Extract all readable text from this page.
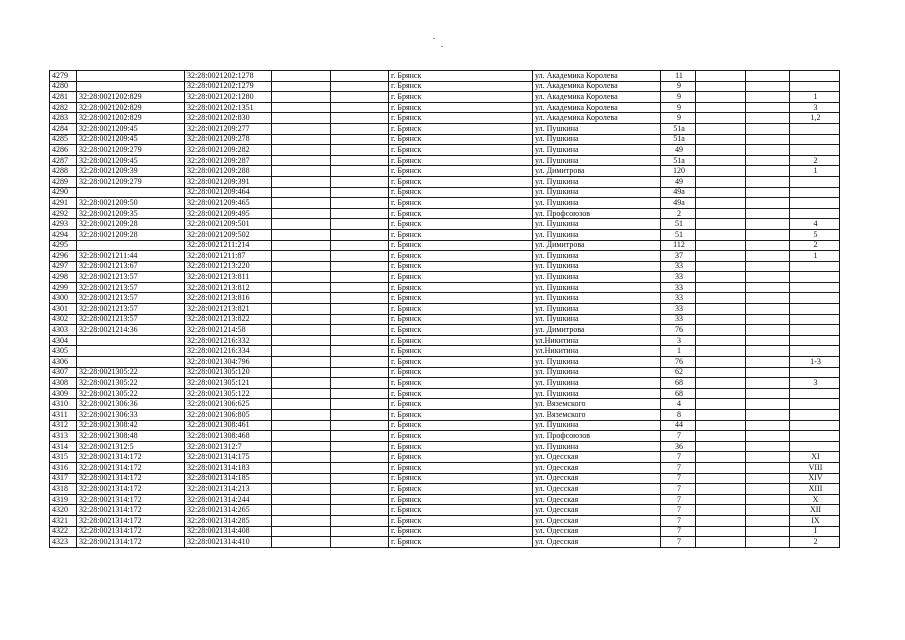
4279		32:28:0021202:1278			г. Брянск	ул. Академика Королева	11			
4280		32:28:0021202:1279			г. Брянск	ул. Академика Королева	9			
4281	32:28:0021202:829	32:28:0021202:1280			г. Брянск	ул. Академика Королева	9			1
4282	32:28:0021202:829	32:28:0021202:1351			г. Брянск	ул. Академика Королева	9			3
4283	32:28:0021202:829	32:28:0021202:830			г. Брянск	ул. Академика Королева	9			1,2
4284	32:28:0021209:45	32:28:0021209:277			г. Брянск	ул. Пушкина	51а			
4285	32:28:0021209:45	32:28:0021209:278			г. Брянск	ул. Пушкина	51а			
4286	32:28:0021209:279	32:28:0021209:282			г. Брянск	ул. Пушкина	49			
4287	32:28:0021209:45	32:28:0021209:287			г. Брянск	ул. Пушкина	51а			2
4288	32:28:0021209:39	32:28:0021209:288			г. Брянск	ул. Димитрова	120			1
4289	32:28:0021209:279	32:28:0021209:391			г. Брянск	ул. Пушкина	49			
4290		32:28:0021209:464			г. Брянск	ул. Пушкина	49а			
4291	32:28:0021209:50	32:28:0021209:465			г. Брянск	ул. Пушкина	49а			
4292	32:28:0021209:35	32:28:0021209:495			г. Брянск	ул. Профсоюзов	2			
4293	32:28:0021209:28	32:28:0021209:501			г. Брянск	ул. Пушкина	51			4
4294	32:28:0021209:28	32:28:0021209:502			г. Брянск	ул. Пушкина	51			5
4295		32:28:0021211:214			г. Брянск	ул. Димитрова	112			2
4296	32:28:0021211:44	32:28:0021211:87			г. Брянск	ул. Пушкина	37			1
4297	32:28:0021213:67	32:28:0021213:220			г. Брянск	ул. Пушкина	33			
4298	32:28:0021213:57	32:28:0021213:811			г. Брянск	ул. Пушкина	33			
4299	32:28:0021213:57	32:28:0021213:812			г. Брянск	ул. Пушкина	33			
4300	32:28:0021213:57	32:28:0021213:816			г. Брянск	ул. Пушкина	33			
4301	32:28:0021213:57	32:28:0021213:821			г. Брянск	ул. Пушкина	33			
4302	32:28:0021213:57	32:28:0021213:822			г. Брянск	ул. Пушкина	33			
4303	32:28:0021214:36	32:28:0021214:58			г. Брянск	ул. Димитрова	76			
4304		32:28:0021216:332			г. Брянск	ул.Никитина	3			
4305		32:28:0021216:334			г. Брянск	ул.Никитина	1			
4306		32:28:0021304:796			г. Брянск	ул. Пушкина	76			1-3
4307	32:28:0021305:22	32:28:0021305:120			г. Брянск	ул. Пушкина	62			
4308	32:28:0021305:22	32:28:0021305:121			г. Брянск	ул. Пушкина	68			3
4309	32:28:0021305:22	32:28:0021305:122			г. Брянск	ул. Пушкина	68			
4310	32:28:0021306:36	32:28:0021306:625			г. Брянск	ул. Вяземского	4			
4311	32:28:0021306:33	32:28:0021306:805			г. Брянск	ул. Вяземского	8			
4312	32:28:0021308:42	32:28:0021308:461			г. Брянск	ул. Пушкина	44			
4313	32:28:0021308:48	32:28:0021308:468			г. Брянск	ул. Профсоюзов	7			
4314	32:28:0021312:5	32:28:0021312:7			г. Брянск	ул. Пушкина	36			
4315	32:28:0021314:172	32:28:0021314:175			г. Брянск	ул. Одесская	7			XI
4316	32:28:0021314:172	32:28:0021314:183			г. Брянск	ул. Одесская	7			VIII
4317	32:28:0021314:172	32:28:0021314:185			г. Брянск	ул. Одесская	7			XIV
4318	32:28:0021314:172	32:28:0021314:213			г. Брянск	ул. Одесская	7			XIII
4319	32:28:0021314:172	32:28:0021314:244			г. Брянск	ул. Одесская	7			X
4320	32:28:0021314:172	32:28:0021314:265			г. Брянск	ул. Одесская	7			XII
4321	32:28:0021314:172	32:28:0021314:285			г. Брянск	ул. Одесская	7			IX
4322	32:28:0021314:172	32:28:0021314:408			г. Брянск	ул. Одесская	7			I
4323	32:28:0021314:172	32:28:0021314:410			г. Брянск	ул. Одесская	7			2
